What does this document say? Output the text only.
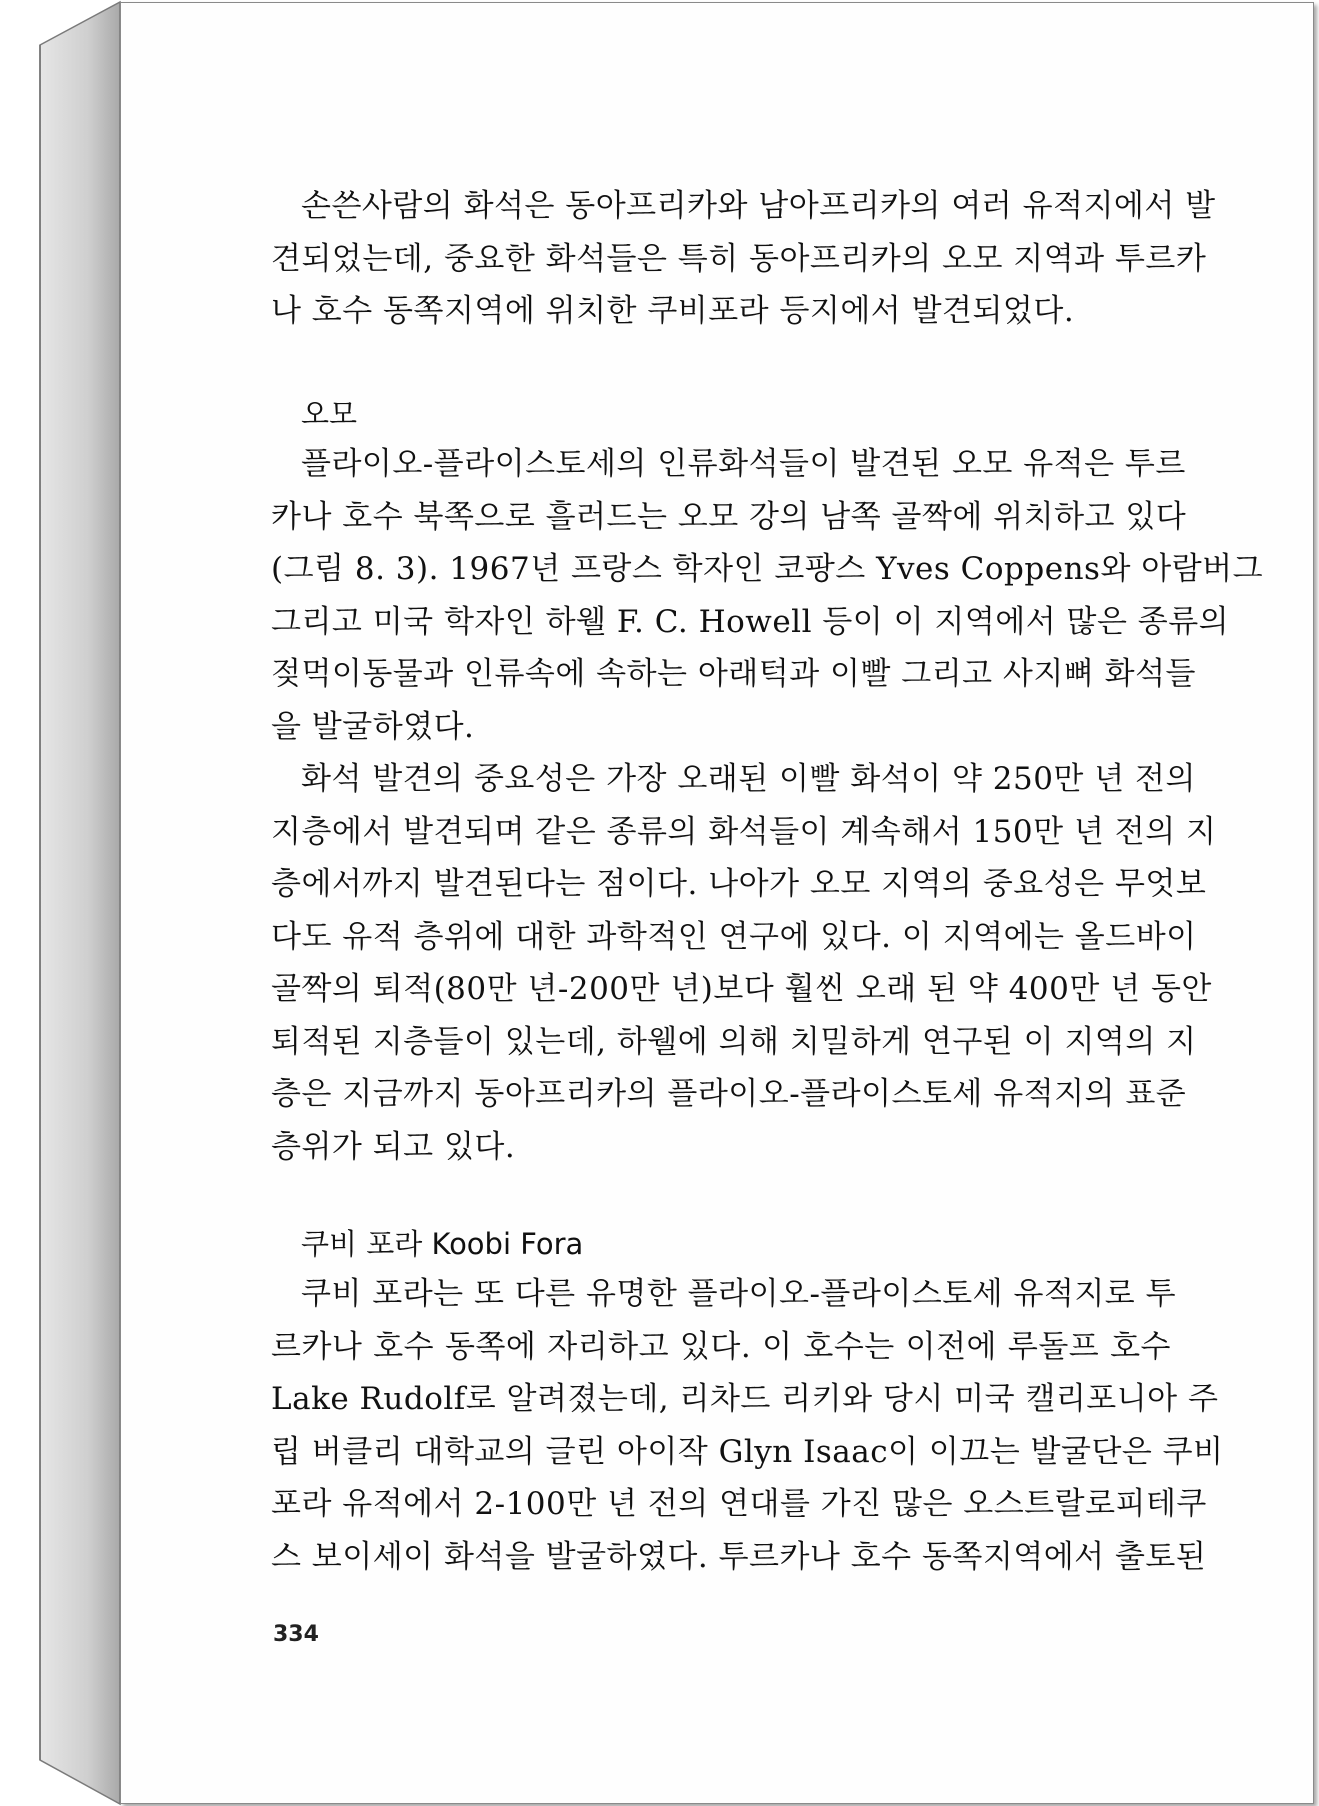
손쓴사람의 화석은 동아프리카와 남아프리카의 여러 유적지에서 발
견되었는데, 중요한 화석들은 특히 동아프리카의 오모 지역과 투르카
나 호수 동쪽지역에 위치한 쿠비포라 등지에서 발견되었다.
오모
플라이오-플라이스토세의 인류화석들이 발견된 오모 유적은 투르
카나 호수 북쪽으로 흘러드는 오모 강의 남쪽 골짝에 위치하고 있다
(그림 8. 3). 1967년 프랑스 학자인 코팡스 Yves Coppens와 아람버그
그리고 미국 학자인 하웰 F. C. Howell 등이 이 지역에서 많은 종류의
젖먹이동물과 인류속에 속하는 아래턱과 이빨 그리고 사지뼈 화석들
을 발굴하였다.
화석 발견의 중요성은 가장 오래된 이빨 화석이 약 250만 년 전의
지층에서 발견되며 같은 종류의 화석들이 계속해서 150만 년 전의 지
층에서까지 발견된다는 점이다. 나아가 오모 지역의 중요성은 무엇보
다도 유적 층위에 대한 과학적인 연구에 있다. 이 지역에는 올드바이
골짝의 퇴적(80만 년-200만 년)보다 훨씬 오래 된 약 400만 년 동안
퇴적된 지층들이 있는데, 하웰에 의해 치밀하게 연구된 이 지역의 지
층은 지금까지 동아프리카의 플라이오-플라이스토세 유적지의 표준
층위가 되고 있다.
쿠비 포라 Koobi Fora
쿠비 포라는 또 다른 유명한 플라이오-플라이스토세 유적지로 투
르카나 호수 동쪽에 자리하고 있다. 이 호수는 이전에 루돌프 호수
Lake Rudolf로 알려졌는데, 리차드 리키와 당시 미국 캘리포니아 주
립 버클리 대학교의 글린 아이작 Glyn Isaac이 이끄는 발굴단은 쿠비
포라 유적에서 2-100만 년 전의 연대를 가진 많은 오스트랄로피테쿠
스 보이세이 화석을 발굴하였다. 투르카나 호수 동쪽지역에서 출토된
334
